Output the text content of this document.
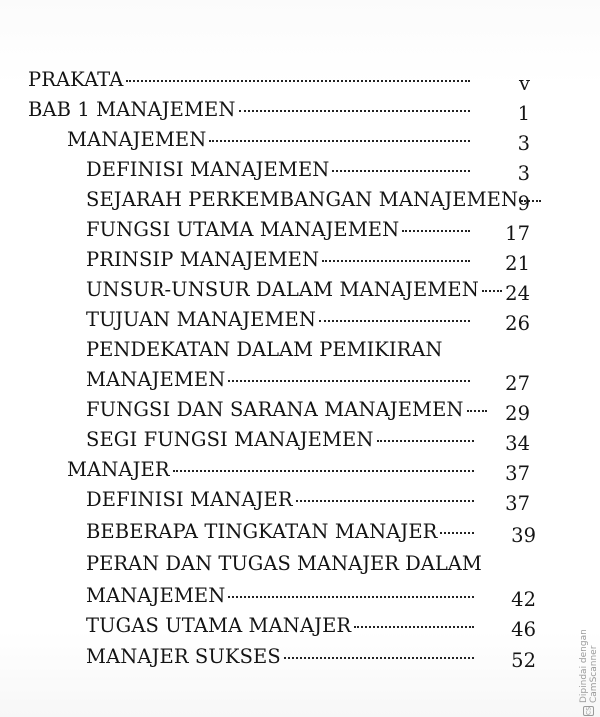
PRAKATA	v
BAB 1 MANAJEMEN	1
MANAJEMEN	3
DEFINISI MANAJEMEN	3
SEJARAH PERKEMBANGAN MANAJEMEN 9
FUNGSI UTAMA MANAJEMEN	17
PRINSIP MANAJEMEN	21
UNSUR-UNSUR DALAM MANAJEMEN	24
TUJUAN MANAJEMEN	26
PENDEKATAN DALAM PEMIKIRAN
MANAJEMEN	27
FUNGSI DAN SARANA MANAJEMEN	29
SEGI FUNGSI MANAJEMEN	34
MANAJER	37
DEFINISI MANAJER	37
BEBERAPA TINGKATAN MANAJER	39
PERAN DAN TUGAS MANAJER DALAM
MANAJEMEN	42
TUGAS UTAMA MANAJER	46
MANAJER SUKSES	52
CS
Dipindai dengan CamScanner
